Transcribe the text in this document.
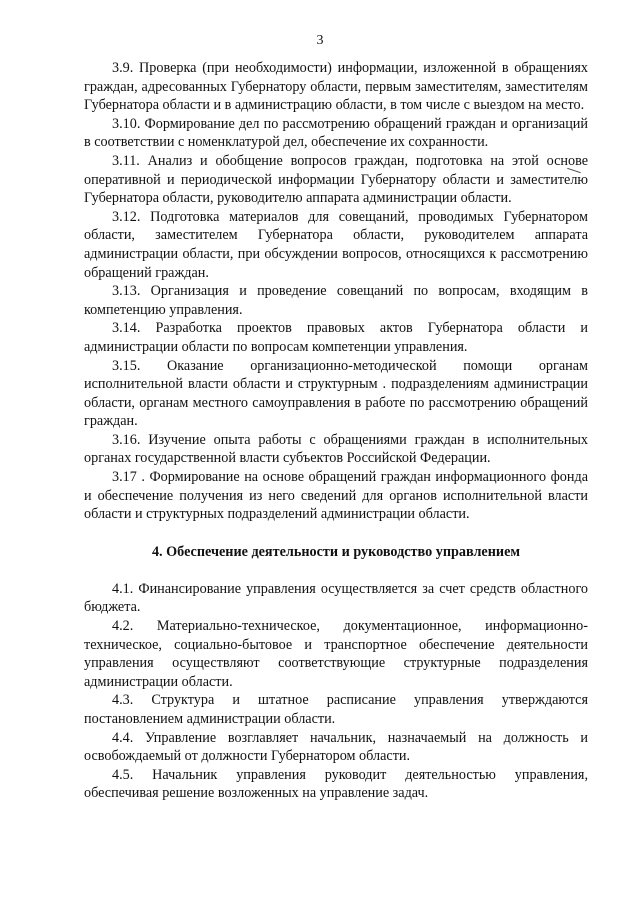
3

3.9. Проверка (при необходимости) информации, изложенной в обращениях граждан, адресованных Губернатору области, первым заместителям, заместителям Губернатора области и в администрацию области, в том числе с выездом на место.

3.10. Формирование дел по рассмотрению обращений граждан и организаций в соответствии с номенклатурой дел, обеспечение их сохранности.

3.11. Анализ и обобщение вопросов граждан, подготовка на этой основе оперативной и периодической информации Губернатору области и заместителю Губернатора области, руководителю аппарата администрации области.

3.12. Подготовка материалов для совещаний, проводимых Губернатором области, заместителем Губернатора области, руководителем аппарата администрации области, при обсуждении вопросов, относящихся к рассмотрению обращений граждан.

3.13. Организация и проведение совещаний по вопросам, входящим в компетенцию управления.

3.14. Разработка проектов правовых актов Губернатора области и администрации области по вопросам компетенции управления.

3.15. Оказание организационно-методической помощи органам исполнительной власти области и структурным . подразделениям администрации области, органам местного самоуправления в работе по рассмотрению обращений граждан.

3.16. Изучение опыта работы с обращениями граждан в исполнительных органах государственной власти субъектов Российской Федерации.

3.17 . Формирование на основе обращений граждан информационного фонда и обеспечение получения из него сведений для органов исполнительной власти области и структурных подразделений администрации области.

4. Обеспечение деятельности и руководство управлением

4.1. Финансирование управления осуществляется за счет средств областного бюджета.

4.2. Материально-техническое, документационное, информационно-техническое, социально-бытовое и транспортное обеспечение деятельности управления осуществляют соответствующие структурные подразделения администрации области.

4.3. Структура и штатное расписание управления утверждаются постановлением администрации области.

4.4. Управление возглавляет начальник, назначаемый на должность и освобождаемый от должности Губернатором области.

4.5. Начальник управления руководит деятельностью управления, обеспечивая решение возложенных на управление задач.
